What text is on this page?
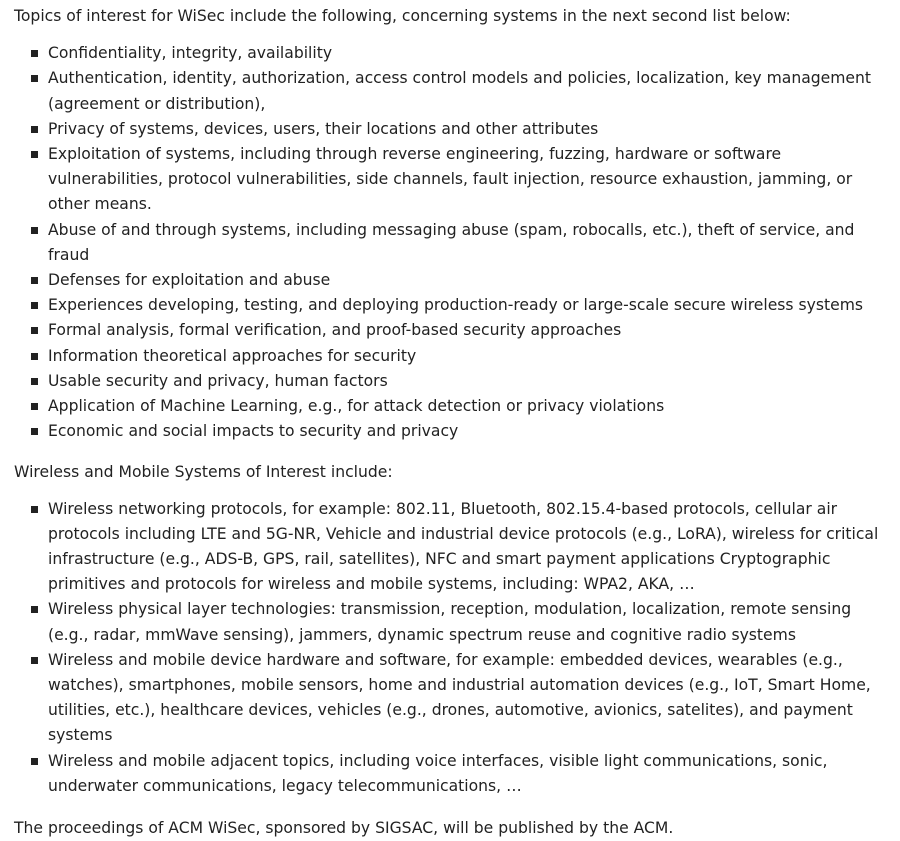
Topics of interest for WiSec include the following, concerning systems in the next second list below:

Confidentiality, integrity, availability
Authentication, identity, authorization, access control models and policies, localization, key management (agreement or distribution),
Privacy of systems, devices, users, their locations and other attributes
Exploitation of systems, including through reverse engineering, fuzzing, hardware or software vulnerabilities, protocol vulnerabilities, side channels, fault injection, resource exhaustion, jamming, or other means.
Abuse of and through systems, including messaging abuse (spam, robocalls, etc.), theft of service, and fraud
Defenses for exploitation and abuse
Experiences developing, testing, and deploying production-ready or large-scale secure wireless systems
Formal analysis, formal verification, and proof-based security approaches
Information theoretical approaches for security
Usable security and privacy, human factors
Application of Machine Learning, e.g., for attack detection or privacy violations
Economic and social impacts to security and privacy

Wireless and Mobile Systems of Interest include:

Wireless networking protocols, for example: 802.11, Bluetooth, 802.15.4-based protocols, cellular air protocols including LTE and 5G-NR, Vehicle and industrial device protocols (e.g., LoRA), wireless for critical infrastructure (e.g., ADS-B, GPS, rail, satellites), NFC and smart payment applications Cryptographic primitives and protocols for wireless and mobile systems, including: WPA2, AKA, …
Wireless physical layer technologies: transmission, reception, modulation, localization, remote sensing (e.g., radar, mmWave sensing), jammers, dynamic spectrum reuse and cognitive radio systems
Wireless and mobile device hardware and software, for example: embedded devices, wearables (e.g., watches), smartphones, mobile sensors, home and industrial automation devices (e.g., IoT, Smart Home, utilities, etc.), healthcare devices, vehicles (e.g., drones, automotive, avionics, satelites), and payment systems
Wireless and mobile adjacent topics, including voice interfaces, visible light communications, sonic, underwater communications, legacy telecommunications, …

The proceedings of ACM WiSec, sponsored by SIGSAC, will be published by the ACM.
